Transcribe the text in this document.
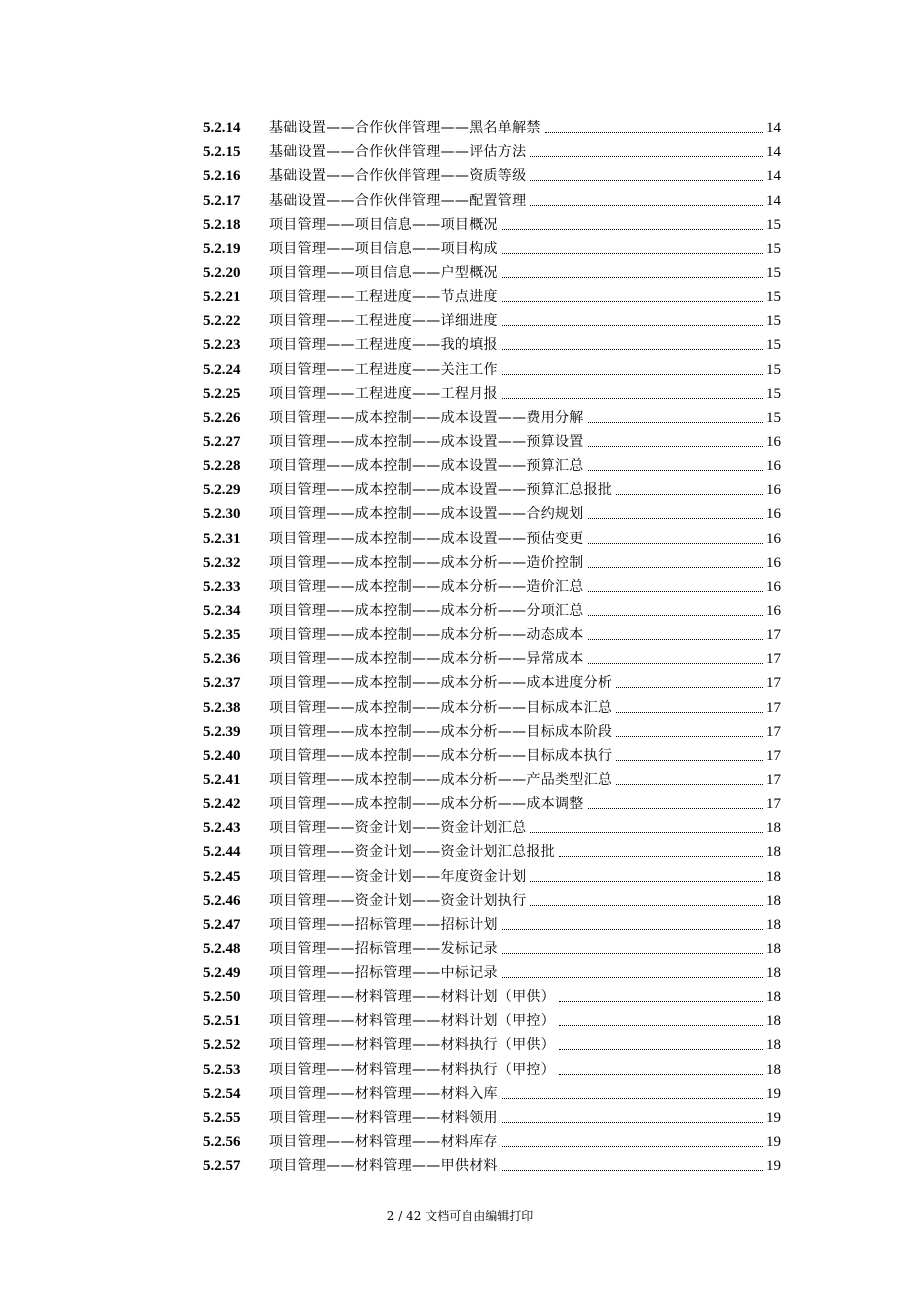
5.2.14	基础设置——合作伙伴管理——黑名单解禁	14
5.2.15	基础设置——合作伙伴管理——评估方法	14
5.2.16	基础设置——合作伙伴管理——资质等级	14
5.2.17	基础设置——合作伙伴管理——配置管理	14
5.2.18	项目管理——项目信息——项目概况	15
5.2.19	项目管理——项目信息——项目构成	15
5.2.20	项目管理——项目信息——户型概况	15
5.2.21	项目管理——工程进度——节点进度	15
5.2.22	项目管理——工程进度——详细进度	15
5.2.23	项目管理——工程进度——我的填报	15
5.2.24	项目管理——工程进度——关注工作	15
5.2.25	项目管理——工程进度——工程月报	15
5.2.26	项目管理——成本控制——成本设置——费用分解	15
5.2.27	项目管理——成本控制——成本设置——预算设置	16
5.2.28	项目管理——成本控制——成本设置——预算汇总	16
5.2.29	项目管理——成本控制——成本设置——预算汇总报批	16
5.2.30	项目管理——成本控制——成本设置——合约规划	16
5.2.31	项目管理——成本控制——成本设置——预估变更	16
5.2.32	项目管理——成本控制——成本分析——造价控制	16
5.2.33	项目管理——成本控制——成本分析——造价汇总	16
5.2.34	项目管理——成本控制——成本分析——分项汇总	16
5.2.35	项目管理——成本控制——成本分析——动态成本	17
5.2.36	项目管理——成本控制——成本分析——异常成本	17
5.2.37	项目管理——成本控制——成本分析——成本进度分析	17
5.2.38	项目管理——成本控制——成本分析——目标成本汇总	17
5.2.39	项目管理——成本控制——成本分析——目标成本阶段	17
5.2.40	项目管理——成本控制——成本分析——目标成本执行	17
5.2.41	项目管理——成本控制——成本分析——产品类型汇总	17
5.2.42	项目管理——成本控制——成本分析——成本调整	17
5.2.43	项目管理——资金计划——资金计划汇总	18
5.2.44	项目管理——资金计划——资金计划汇总报批	18
5.2.45	项目管理——资金计划——年度资金计划	18
5.2.46	项目管理——资金计划——资金计划执行	18
5.2.47	项目管理——招标管理——招标计划	18
5.2.48	项目管理——招标管理——发标记录	18
5.2.49	项目管理——招标管理——中标记录	18
5.2.50	项目管理——材料管理——材料计划（甲供）	18
5.2.51	项目管理——材料管理——材料计划（甲控）	18
5.2.52	项目管理——材料管理——材料执行（甲供）	18
5.2.53	项目管理——材料管理——材料执行（甲控）	18
5.2.54	项目管理——材料管理——材料入库	19
5.2.55	项目管理——材料管理——材料领用	19
5.2.56	项目管理——材料管理——材料库存	19
5.2.57	项目管理——材料管理——甲供材料	19
2 / 42 文档可自由编辑打印
